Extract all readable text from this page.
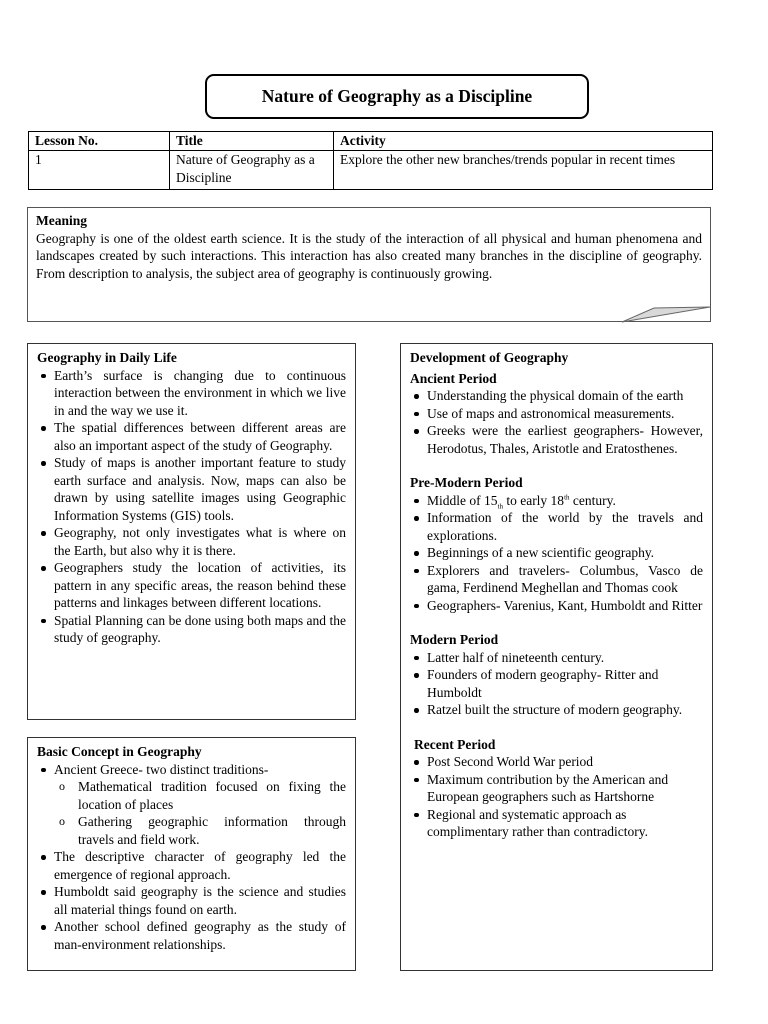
Nature of Geography as a Discipline
Lesson No.	Title	Activity
1	Nature of Geography as a Discipline	Explore the other new branches/trends popular in recent times
Meaning
Geography is one of the oldest earth science. It is the study of the interaction of all physical and human phenomena and landscapes created by such interactions. This interaction has also created many branches in the discipline of geography. From description to analysis, the subject area of geography is continuously growing.
Geography in Daily Life
Earth’s surface is changing due to continuous interaction between the environment in which we live in and the way we use it.
The spatial differences between different areas are also an important aspect of the study of Geography.
Study of maps is another important feature to study earth surface and analysis. Now, maps can also be drawn by using satellite images using Geographic Information Systems (GIS) tools.
Geography, not only investigates what is where on the Earth, but also why it is there.
Geographers study the location of activities, its pattern in any specific areas, the reason behind these patterns and linkages between different locations.
Spatial Planning can be done using both maps and the study of geography.
Basic Concept in Geography
Ancient Greece- two distinct traditions-
o Mathematical tradition focused on fixing the location of places
o Gathering geographic information through travels and field work.
The descriptive character of geography led the emergence of regional approach.
Humboldt said geography is the science and studies all material things found on earth.
Another school defined geography as the study of man-environment relationships.
Development of Geography
Ancient Period
Understanding the physical domain of the earth
Use of maps and astronomical measurements.
Greeks were the earliest geographers- However, Herodotus, Thales, Aristotle and Eratosthenes.
Pre-Modern Period
Middle of 15th to early 18th century.
Information of the world by the travels and explorations.
Beginnings of a new scientific geography.
Explorers and travelers- Columbus, Vasco de gama, Ferdinend Meghellan and Thomas cook
Geographers- Varenius, Kant, Humboldt and Ritter
Modern Period
Latter half of nineteenth century.
Founders of modern geography- Ritter and Humboldt
Ratzel built the structure of modern geography.
Recent Period
Post Second World War period
Maximum contribution by the American and European geographers such as Hartshorne
Regional and systematic approach as complimentary rather than contradictory.
